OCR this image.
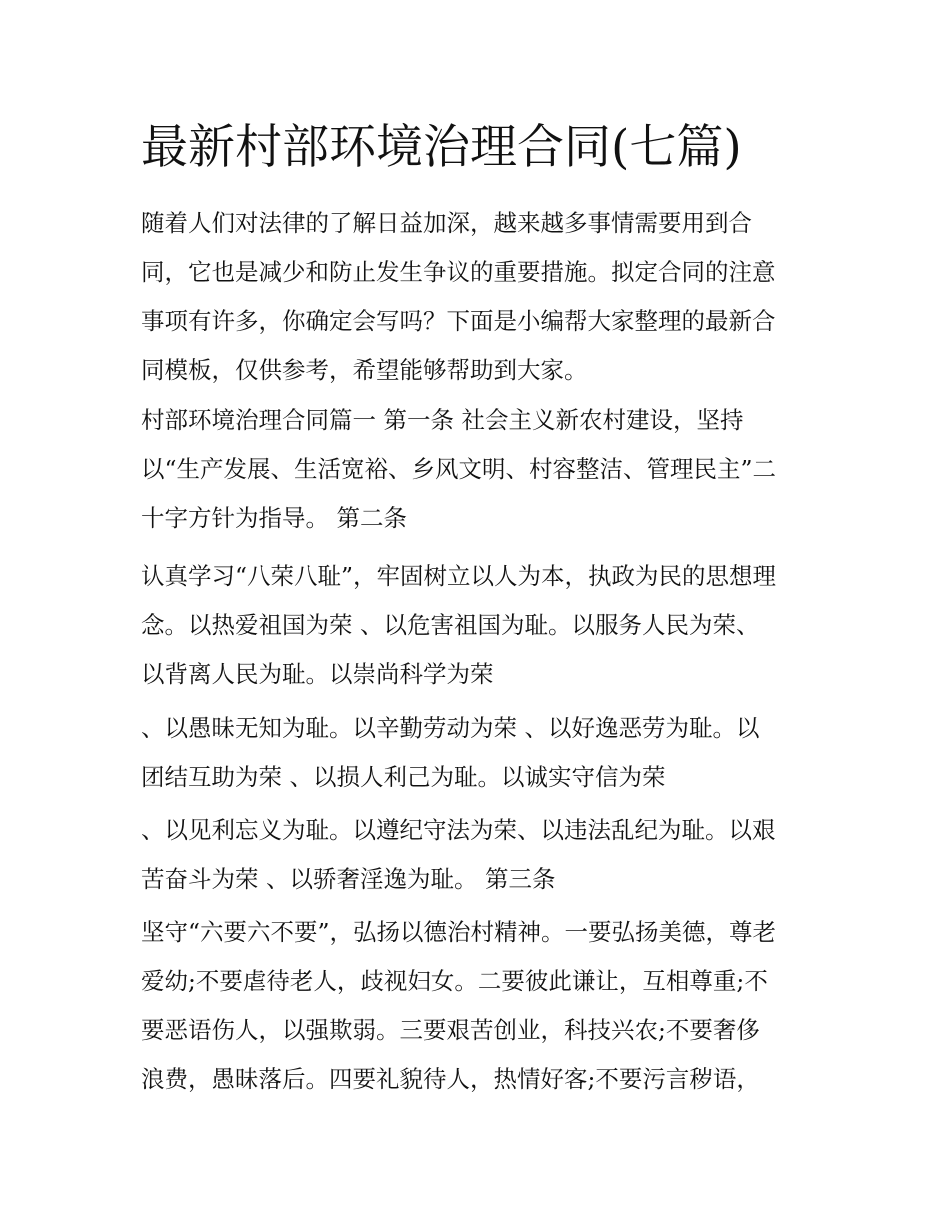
最新村部环境治理合同(七篇)
随着人们对法律的了解日益加深，越来越多事情需要用到合
同，它也是减少和防止发生争议的重要措施。拟定合同的注意
事项有许多，你确定会写吗？下面是小编帮大家整理的最新合
同模板，仅供参考，希望能够帮助到大家。
村部环境治理合同篇一 第一条 社会主义新农村建设，坚持
以“生产发展、生活宽裕、乡风文明、村容整洁、管理民主”二
十字方针为指导。 第二条
认真学习“八荣八耻”，牢固树立以人为本，执政为民的思想理
念。以热爱祖国为荣 、以危害祖国为耻。以服务人民为荣、
以背离人民为耻。以崇尚科学为荣
、以愚昧无知为耻。以辛勤劳动为荣 、以好逸恶劳为耻。以
团结互助为荣 、以损人利己为耻。以诚实守信为荣
、以见利忘义为耻。以遵纪守法为荣、以违法乱纪为耻。以艰
苦奋斗为荣 、以骄奢淫逸为耻。 第三条
坚守“六要六不要”，弘扬以德治村精神。一要弘扬美德，尊老
爱幼;不要虐待老人，歧视妇女。二要彼此谦让，互相尊重;不
要恶语伤人，以强欺弱。三要艰苦创业，科技兴农;不要奢侈
浪费，愚昧落后。四要礼貌待人，热情好客;不要污言秽语，
